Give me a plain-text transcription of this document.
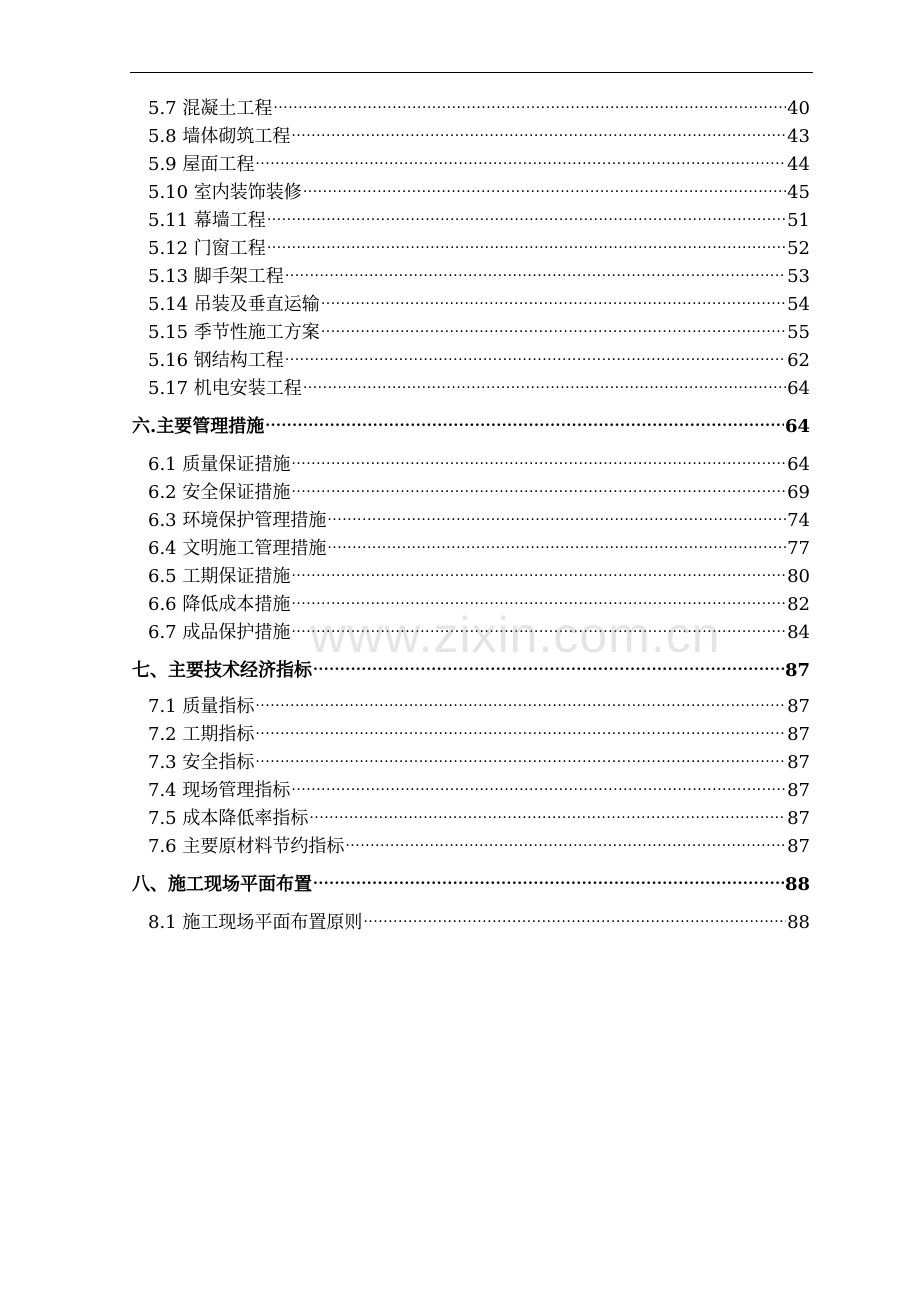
5.7 混凝土工程 .....	40
5.8 墙体砌筑工程 .....	43
5.9 屋面工程 .....	44
5.10 室内装饰装修 .....	45
5.11 幕墙工程 .....	51
5.12 门窗工程 .....	52
5.13 脚手架工程 .....	53
5.14 吊装及垂直运输 .....	54
5.15 季节性施工方案 .....	55
5.16 钢结构工程 .....	62
5.17 机电安装工程 .....	64
六.主要管理措施 .....	64
6.1 质量保证措施 .....	64
6.2 安全保证措施 .....	69
6.3 环境保护管理措施 .....	74
6.4 文明施工管理措施 .....	77
6.5 工期保证措施 .....	80
6.6 降低成本措施 .....	82
6.7 成品保护措施 .....	84
七、主要技术经济指标 .....	87
7.1 质量指标 .....	87
7.2 工期指标 .....	87
7.3 安全指标 .....	87
7.4 现场管理指标 .....	87
7.5 成本降低率指标 .....	87
7.6 主要原材料节约指标 .....	87
八、施工现场平面布置 .....	88
8.1 施工现场平面布置原则 .....	88
www.zixin.com.cn
